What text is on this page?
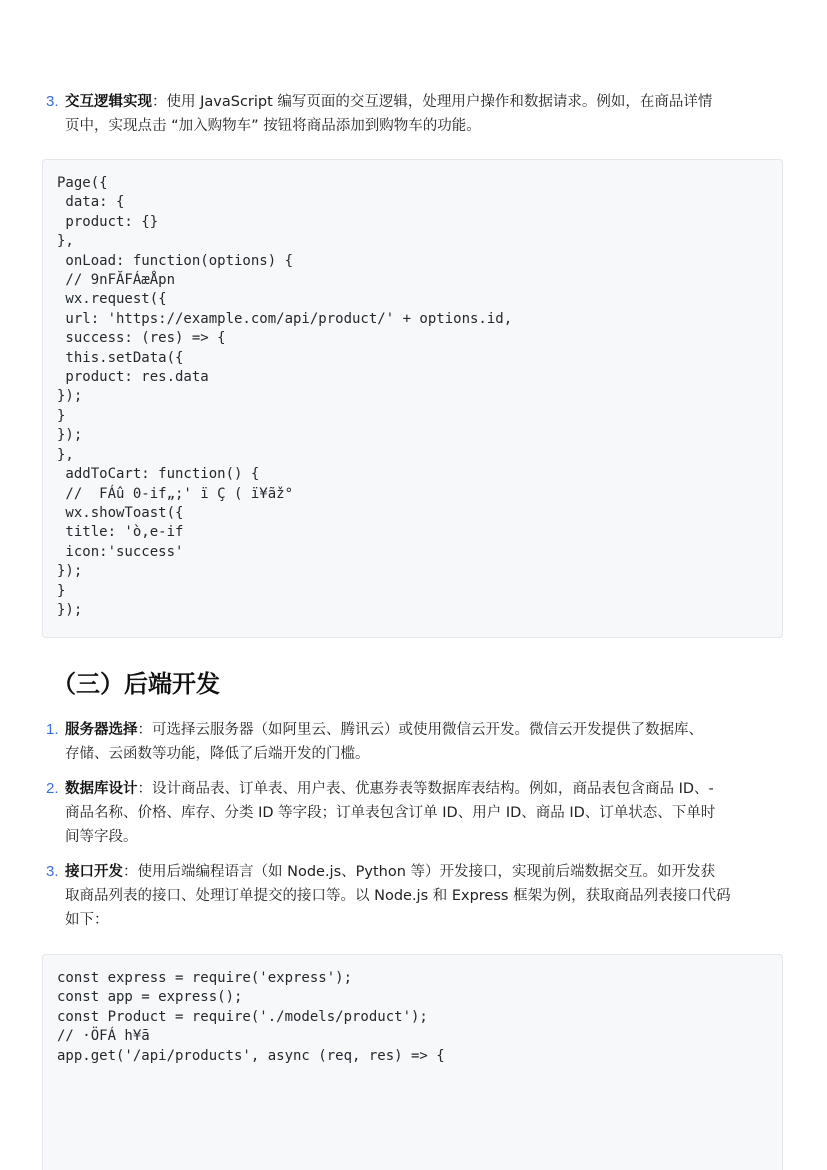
3. 交互逻辑实现：使用 JavaScript 编写页面的交互逻辑，处理用户操作和数据请求。例如，在商品详情
页中，实现点击 “加入购物车” 按钮将商品添加到购物车的功能。
Page({
data: {
product: {}
},
onLoad: function(options) {
// 9nFĂFÁæÅpn
wx.request({
url: 'https://example.com/api/product/' + options.id,
success: (res) => {
this.setData({
product: res.data
});
}
});
},
addToCart: function() {
//  FÁû 0-if„;' ï Ç ( ï¥ãž°
wx.showToast({
title: 'ò,e-if
icon:'success'
});
}
});
（三）后端开发
1. 服务器选择：可选择云服务器（如阿里云、腾讯云）或使用微信云开发。微信云开发提供了数据库、
存储、云函数等功能，降低了后端开发的门槛。
2. 数据库设计：设计商品表、订单表、用户表、优惠券表等数据库表结构。例如，商品表包含商品 ID、-
商品名称、价格、库存、分类 ID 等字段；订单表包含订单 ID、用户 ID、商品 ID、订单状态、下单时
间等字段。
3. 接口开发：使用后端编程语言（如 Node.js、Python 等）开发接口，实现前后端数据交互。如开发获
取商品列表的接口、处理订单提交的接口等。以 Node.js 和 Express 框架为例，获取商品列表接口代码
如下：
const express = require('express');
const app = express();
const Product = require('./models/product');
// ·ÖFÁ h¥ā
app.get('/api/products', async (req, res) => {
